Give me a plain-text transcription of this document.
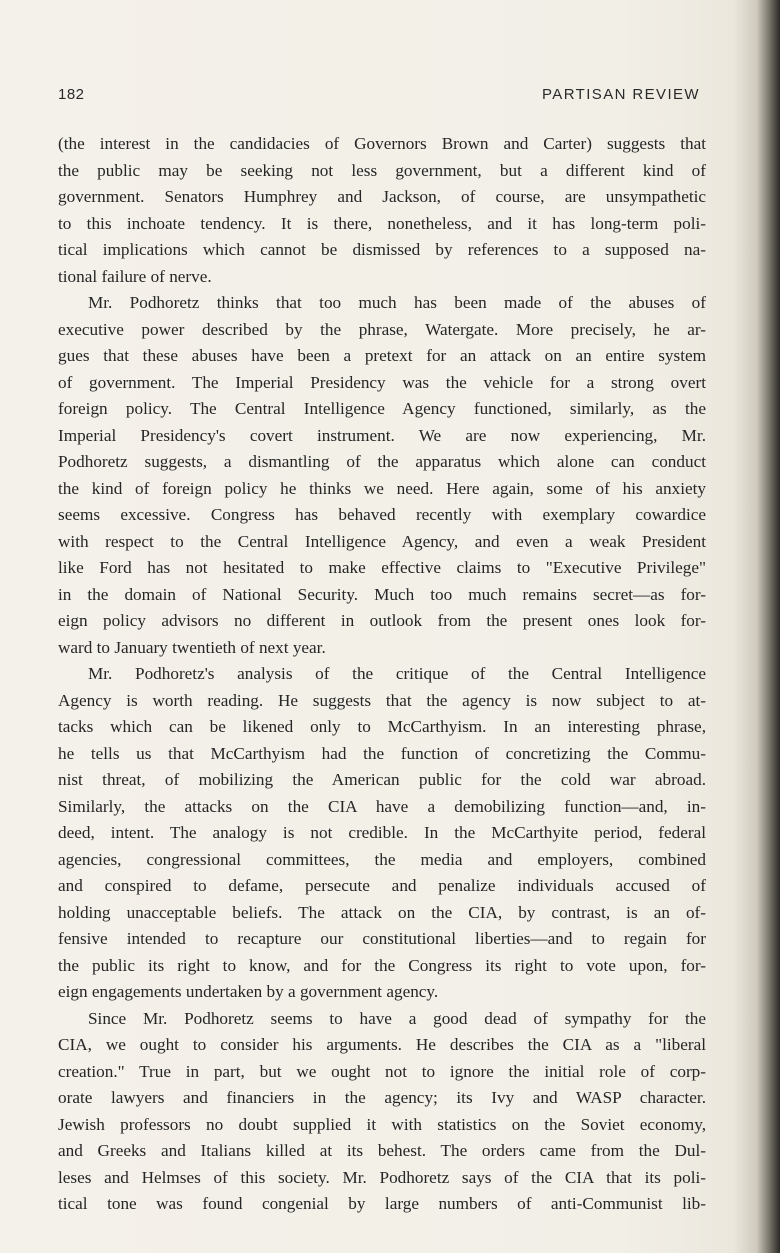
182	PARTISAN REVIEW
(the interest in the candidacies of Governors Brown and Carter) suggests that
the public may be seeking not less government, but a different kind of
government. Senators Humphrey and Jackson, of course, are unsympathetic
to this inchoate tendency. It is there, nonetheless, and it has long-term poli-
tical implications which cannot be dismissed by references to a supposed na-
tional failure of nerve.
Mr. Podhoretz thinks that too much has been made of the abuses of
executive power described by the phrase, Watergate. More precisely, he ar-
gues that these abuses have been a pretext for an attack on an entire system
of government. The Imperial Presidency was the vehicle for a strong overt
foreign policy. The Central Intelligence Agency functioned, similarly, as the
Imperial Presidency's covert instrument. We are now experiencing, Mr.
Podhoretz suggests, a dismantling of the apparatus which alone can conduct
the kind of foreign policy he thinks we need. Here again, some of his anxiety
seems excessive. Congress has behaved recently with exemplary cowardice
with respect to the Central Intelligence Agency, and even a weak President
like Ford has not hesitated to make effective claims to "Executive Privilege"
in the domain of National Security. Much too much remains secret—as for-
eign policy advisors no different in outlook from the present ones look for-
ward to January twentieth of next year.
Mr. Podhoretz's analysis of the critique of the Central Intelligence
Agency is worth reading. He suggests that the agency is now subject to at-
tacks which can be likened only to McCarthyism. In an interesting phrase,
he tells us that McCarthyism had the function of concretizing the Commu-
nist threat, of mobilizing the American public for the cold war abroad.
Similarly, the attacks on the CIA have a demobilizing function—and, in-
deed, intent. The analogy is not credible. In the McCarthyite period, federal
agencies, congressional committees, the media and employers, combined
and conspired to defame, persecute and penalize individuals accused of
holding unacceptable beliefs. The attack on the CIA, by contrast, is an of-
fensive intended to recapture our constitutional liberties—and to regain for
the public its right to know, and for the Congress its right to vote upon, for-
eign engagements undertaken by a government agency.
Since Mr. Podhoretz seems to have a good dead of sympathy for the
CIA, we ought to consider his arguments. He describes the CIA as a "liberal
creation." True in part, but we ought not to ignore the initial role of corp-
orate lawyers and financiers in the agency; its Ivy and WASP character.
Jewish professors no doubt supplied it with statistics on the Soviet economy,
and Greeks and Italians killed at its behest. The orders came from the Dul-
leses and Helmses of this society. Mr. Podhoretz says of the CIA that its poli-
tical tone was found congenial by large numbers of anti-Communist lib-
